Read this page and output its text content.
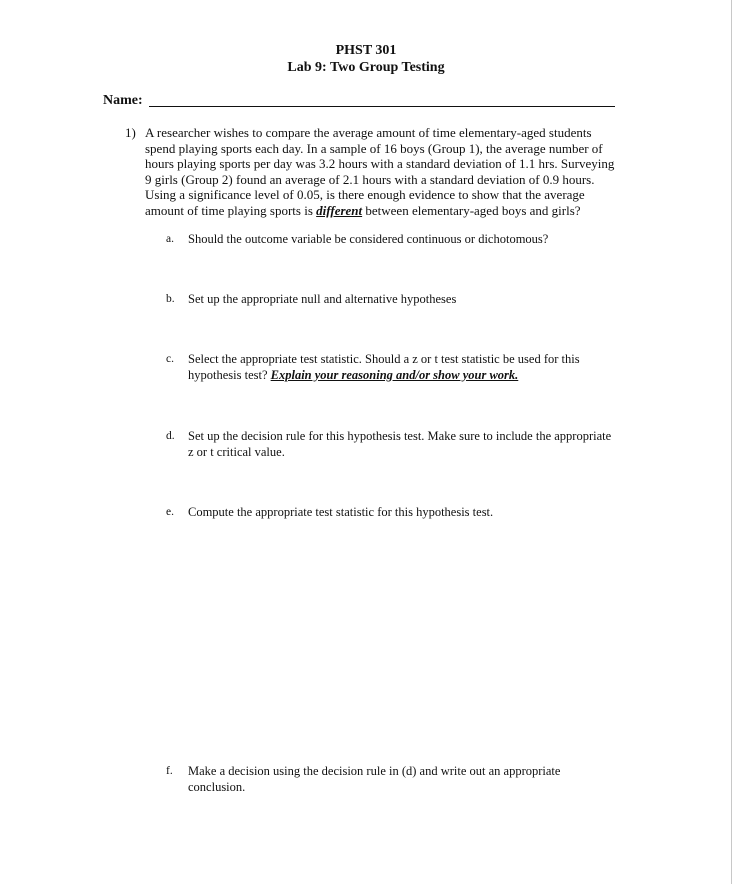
PHST 301
Lab 9: Two Group Testing
Name:
1) A researcher wishes to compare the average amount of time elementary-aged students spend playing sports each day. In a sample of 16 boys (Group 1), the average number of hours playing sports per day was 3.2 hours with a standard deviation of 1.1 hrs. Surveying 9 girls (Group 2) found an average of 2.1 hours with a standard deviation of 0.9 hours. Using a significance level of 0.05, is there enough evidence to show that the average amount of time playing sports is different between elementary-aged boys and girls?
a. Should the outcome variable be considered continuous or dichotomous?
b. Set up the appropriate null and alternative hypotheses
c. Select the appropriate test statistic. Should a z or t test statistic be used for this hypothesis test? Explain your reasoning and/or show your work.
d. Set up the decision rule for this hypothesis test. Make sure to include the appropriate z or t critical value.
e. Compute the appropriate test statistic for this hypothesis test.
f. Make a decision using the decision rule in (d) and write out an appropriate conclusion.
